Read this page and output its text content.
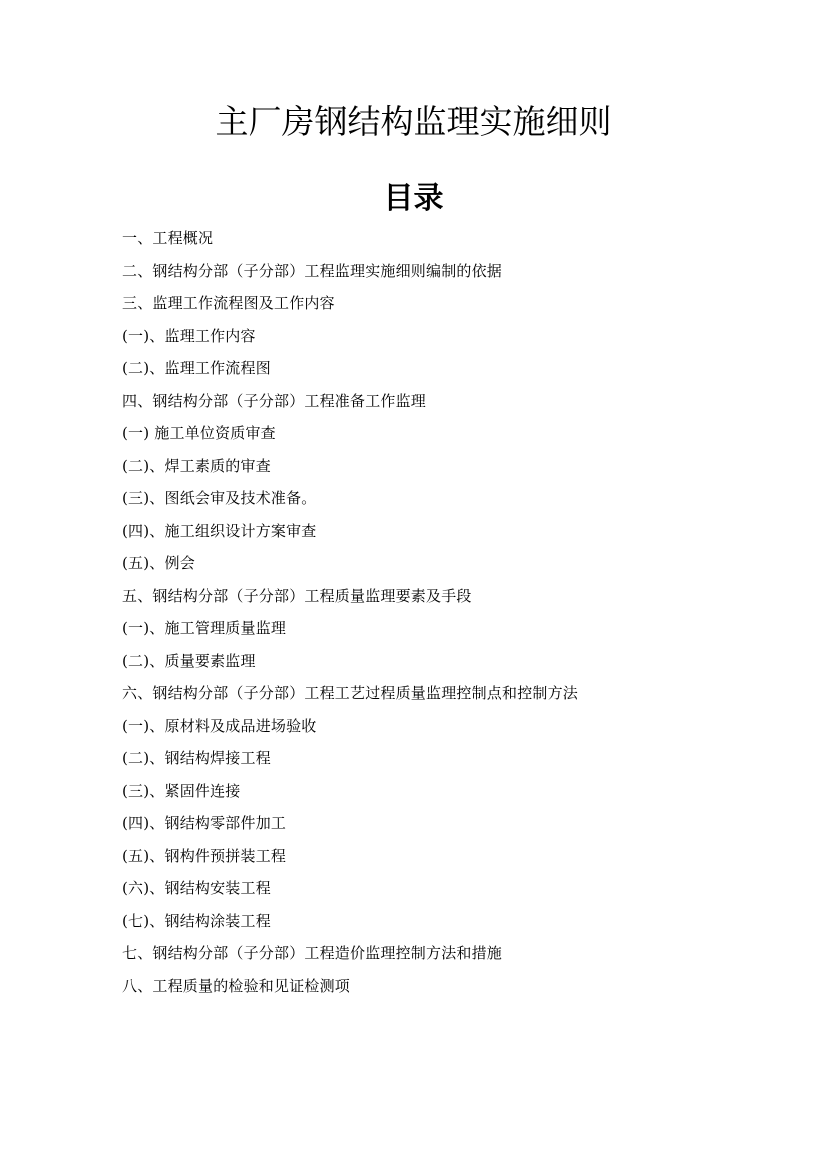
主厂房钢结构监理实施细则
目录
一、工程概况
二、钢结构分部（子分部）工程监理实施细则编制的依据
三、监理工作流程图及工作内容
(一)、监理工作内容
(二)、监理工作流程图
四、钢结构分部（子分部）工程准备工作监理
(一) 施工单位资质审查
(二)、焊工素质的审查
(三)、图纸会审及技术准备。
(四)、施工组织设计方案审查
(五)、例会
五、钢结构分部（子分部）工程质量监理要素及手段
(一)、施工管理质量监理
(二)、质量要素监理
六、钢结构分部（子分部）工程工艺过程质量监理控制点和控制方法
(一)、原材料及成品进场验收
(二)、钢结构焊接工程
(三)、紧固件连接
(四)、钢结构零部件加工
(五)、钢构件预拼装工程
(六)、钢结构安装工程
(七)、钢结构涂装工程
七、钢结构分部（子分部）工程造价监理控制方法和措施
八、工程质量的检验和见证检测项
